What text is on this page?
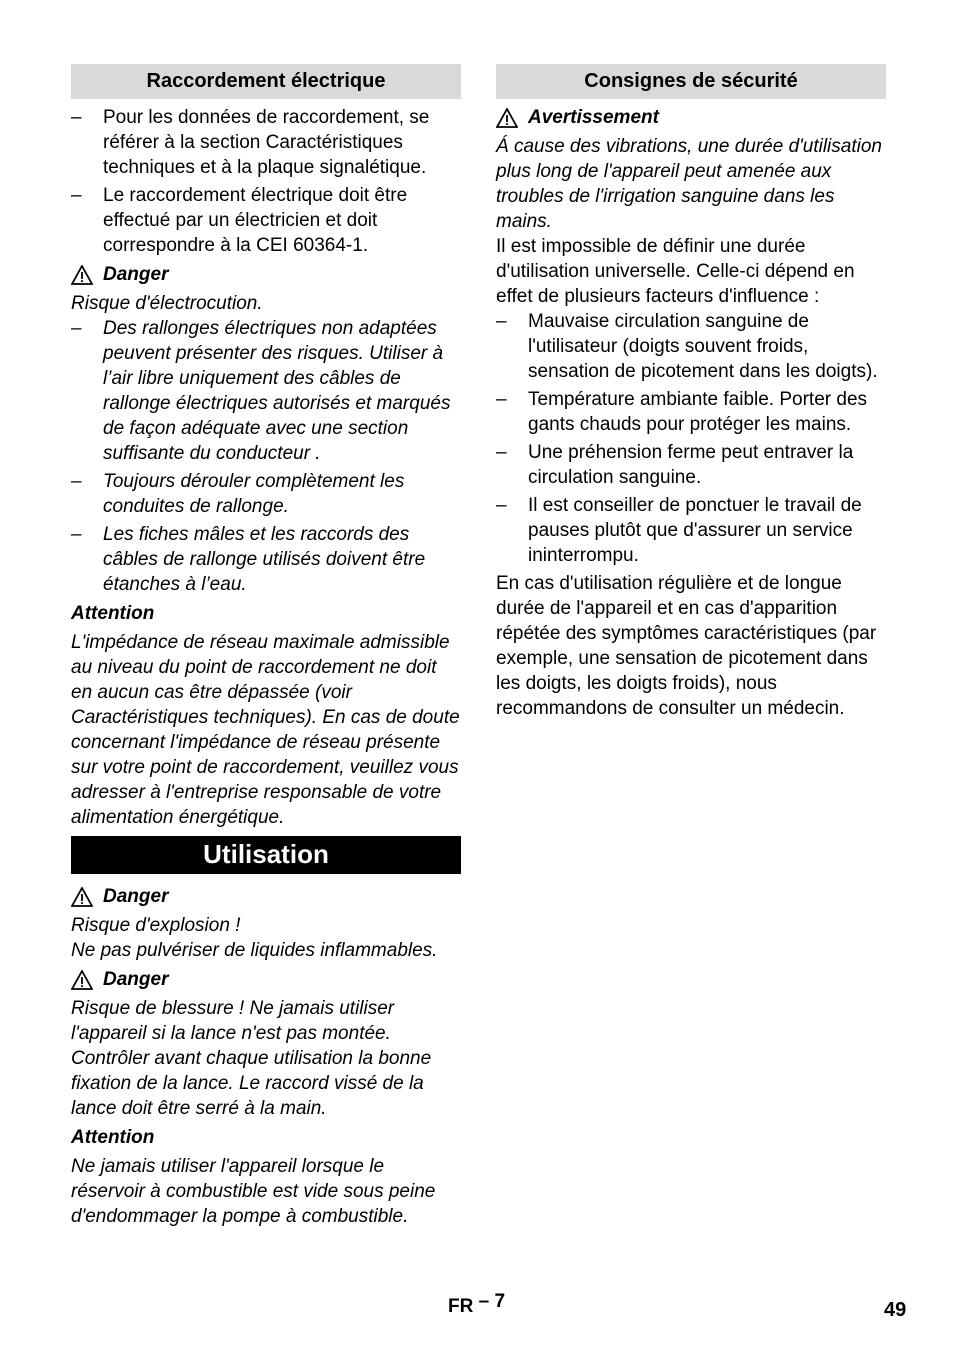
Raccordement électrique
– Pour les données de raccordement, se référer à la section Caractéristiques techniques et à la plaque signalétique.
– Le raccordement électrique doit être effectué par un électricien et doit correspondre à la CEI 60364-1.
Danger

Risque d'électrocution.

– Des rallonges électriques non adaptées peuvent présenter des risques. Utiliser à l’air libre uniquement des câbles de rallonge électriques autorisés et marqués de façon adéquate avec une section suffisante du conducteur .
– Toujours dérouler complètement les conduites de rallonge.
– Les fiches mâles et les raccords des câbles de rallonge utilisés doivent être étanches à l’eau.
Attention

L'impédance de réseau maximale admissible au niveau du point de raccordement ne doit en aucun cas être dépassée (voir Caractéristiques techniques). En cas de doute concernant l'impédance de réseau présente sur votre point de raccordement, veuillez vous adresser à l'entreprise responsable de votre alimentation énergétique.

Utilisation
Danger

Risque d'explosion !

Ne pas pulvériser de liquides inflammables.

Danger

Risque de blessure ! Ne jamais utiliser l'appareil si la lance n'est pas montée. Contrôler avant chaque utilisation la bonne fixation de la lance. Le raccord vissé de la lance doit être serré à la main.

Attention

Ne jamais utiliser l'appareil lorsque le réservoir à combustible est vide sous peine d'endommager la pompe à combustible.

Consignes de sécurité
Avertissement

Á cause des vibrations, une durée d'utilisation plus long de l'appareil peut amenée aux troubles de l'irrigation sanguine dans les mains.

Il est impossible de définir une durée d'utilisation universelle. Celle-ci dépend en effet de plusieurs facteurs d'influence :

– Mauvaise circulation sanguine de l'utilisateur (doigts souvent froids, sensation de picotement dans les doigts).
– Température ambiante faible. Porter des gants chauds pour protéger les mains.
– Une préhension ferme peut entraver la circulation sanguine.
– Il est conseiller de ponctuer le travail de pauses plutôt que d'assurer un service ininterrompu.

En cas d'utilisation régulière et de longue durée de l'appareil et en cas d'apparition répétée des symptômes caractéristiques (par exemple, une sensation de picotement dans les doigts, les doigts froids), nous recommandons de consulter un médecin.

FR – 7	49
